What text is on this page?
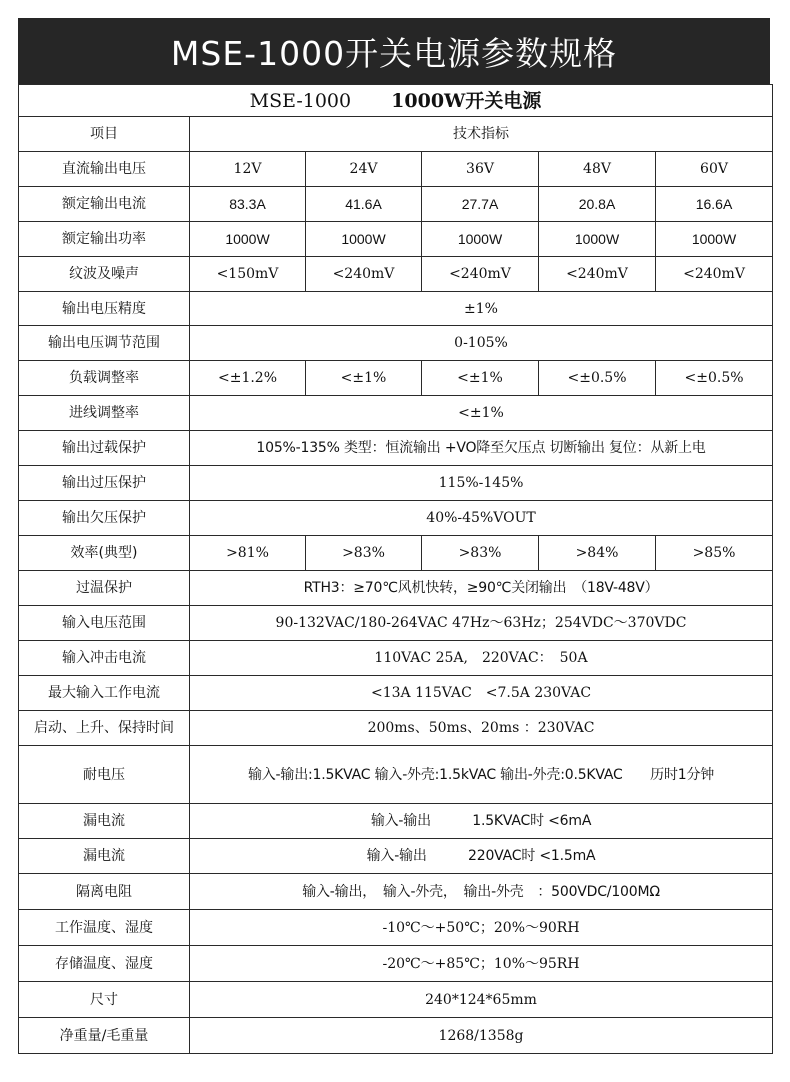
MSE-1000开关电源参数规格
MSE-1000 1000W开关电源					
项目	技术指标				
直流输出电压	12V	24V	36V	48V	60V
额定输出电流	83.3A	41.6A	27.7A	20.8A	16.6A
额定输出功率	1000W	1000W	1000W	1000W	1000W
纹波及噪声	<150mV	<240mV	<240mV	<240mV	<240mV
输出电压精度	±1%				
输出电压调节范围	0-105%				
负载调整率	<±1.2%	<±1%	<±1%	<±0.5%	<±0.5%
进线调整率	<±1%				
输出过载保护	105%-135% 类型：恒流输出 +VO降至欠压点 切断输出 复位：从新上电				
输出过压保护	115%-145%				
输出欠压保护	40%-45%VOUT				
效率(典型)	>81%	>83%	>83%	>84%	>85%
过温保护	RTH3：≥70℃风机快转，≥90℃关闭输出　（18V-48V）				
输入电压范围	90-132VAC/180-264VAC 47Hz～63Hz；254VDC～370VDC				
输入冲击电流	110VAC 25A,　220VAC：　50A				
最大输入工作电流	<13A 115VAC　<7.5A 230VAC				
启动、上升、保持时间	200ms、50ms、20ms ：230VAC				
耐电压	输入-输出:1.5KVAC 输入-外壳:1.5kVAC 输出-外壳:0.5KVAC　　历时1分钟				
漏电流	输入-输出　　　1.5KVAC时 <6mA				
漏电流	输入-输出　　　220VAC时 <1.5mA				
隔离电阻	输入-输出，　输入-外壳，　输出-外壳　：500VDC/100MΩ				
工作温度、湿度	-10℃～+50℃；20%～90RH				
存储温度、湿度	-20℃～+85℃；10%～95RH				
尺寸	240*124*65mm				
净重量/毛重量	1268/1358g				
